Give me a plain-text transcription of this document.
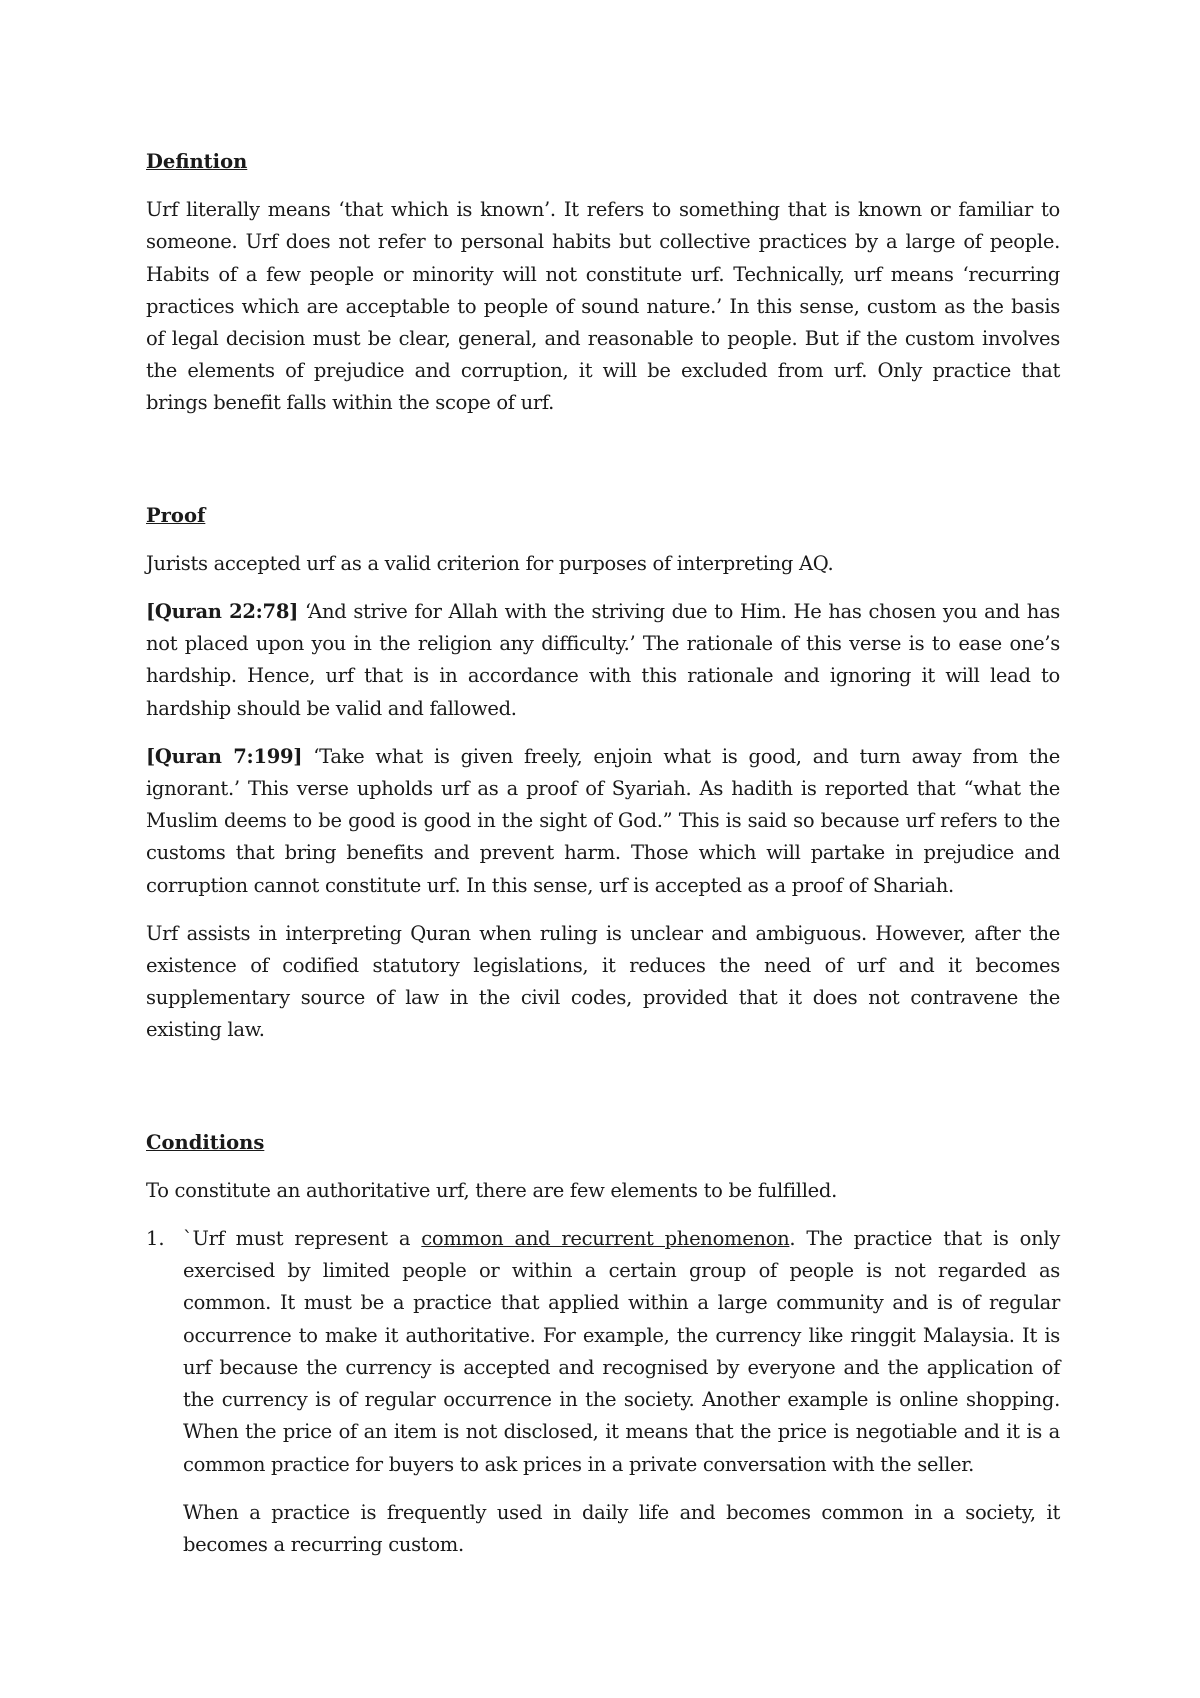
Defintion

Urf literally means ‘that which is known’. It refers to something that is known or familiar to someone. Urf does not refer to personal habits but collective practices by a large of people. Habits of a few people or minority will not constitute urf. Technically, urf means ‘recurring practices which are acceptable to people of sound nature.’ In this sense, custom as the basis of legal decision must be clear, general, and reasonable to people. But if the custom involves the elements of prejudice and corruption, it will be excluded from urf. Only practice that brings benefit falls within the scope of urf.

Proof

Jurists accepted urf as a valid criterion for purposes of interpreting AQ.

[Quran 22:78] ‘And strive for Allah with the striving due to Him. He has chosen you and has not placed upon you in the religion any difficulty.’ The rationale of this verse is to ease one’s hardship. Hence, urf that is in accordance with this rationale and ignoring it will lead to hardship should be valid and fallowed.

[Quran 7:199] ‘Take what is given freely, enjoin what is good, and turn away from the ignorant.’ This verse upholds urf as a proof of Syariah. As hadith is reported that “what the Muslim deems to be good is good in the sight of God.” This is said so because urf refers to the customs that bring benefits and prevent harm. Those which will partake in prejudice and corruption cannot constitute urf. In this sense, urf is accepted as a proof of Shariah.

Urf assists in interpreting Quran when ruling is unclear and ambiguous. However, after the existence of codified statutory legislations, it reduces the need of urf and it becomes supplementary source of law in the civil codes, provided that it does not contravene the existing law.

Conditions

To constitute an authoritative urf, there are few elements to be fulfilled.

1. `Urf must represent a common and recurrent phenomenon. The practice that is only exercised by limited people or within a certain group of people is not regarded as common. It must be a practice that applied within a large community and is of regular occurrence to make it authoritative. For example, the currency like ringgit Malaysia. It is urf because the currency is accepted and recognised by everyone and the application of the currency is of regular occurrence in the society. Another example is online shopping. When the price of an item is not disclosed, it means that the price is negotiable and it is a common practice for buyers to ask prices in a private conversation with the seller.

When a practice is frequently used in daily life and becomes common in a society, it becomes a recurring custom.
